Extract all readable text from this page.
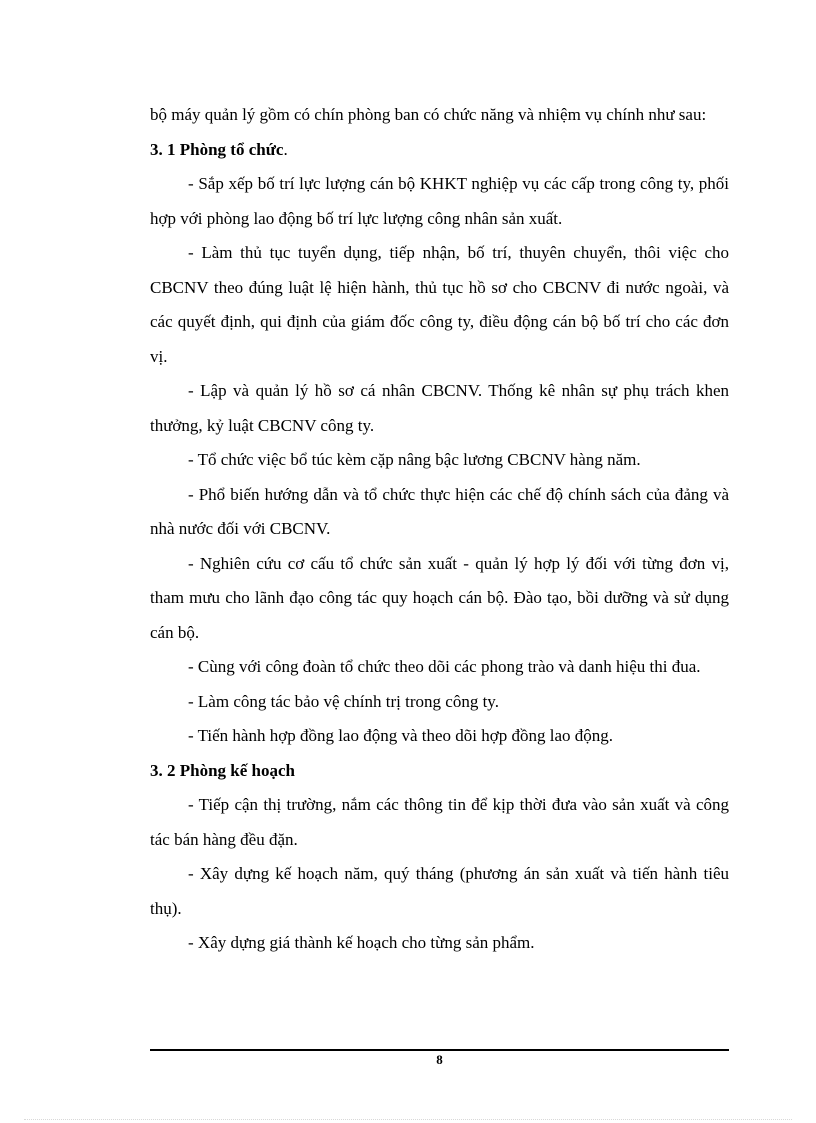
bộ máy quản lý gồm có chín phòng ban có chức năng và nhiệm vụ chính như sau:

3. 1 Phòng tổ chức.

- Sắp xếp bố trí lực lượng cán bộ KHKT nghiệp vụ các cấp trong công ty, phối hợp với phòng lao động bố trí lực lượng công nhân sản xuất.

- Làm thủ tục tuyển dụng, tiếp nhận, bố trí, thuyên chuyển, thôi việc cho CBCNV theo đúng luật lệ hiện hành, thủ tục hồ sơ cho CBCNV đi nước ngoài, và các quyết định, qui định của giám đốc công ty, điều động cán bộ bố trí cho các đơn vị.

- Lập và quản lý hồ sơ cá nhân CBCNV. Thống kê nhân sự phụ trách khen thưởng, kỷ luật CBCNV công ty.

- Tổ chức việc bổ túc kèm cặp nâng bậc lương CBCNV hàng năm.

- Phổ biến hướng dẫn và tổ chức thực hiện các chế độ chính sách của đảng và nhà nước đối với CBCNV.

- Nghiên cứu cơ cấu tổ chức sản xuất - quản lý hợp lý đối với từng đơn vị, tham mưu cho lãnh đạo công tác quy hoạch cán bộ. Đào tạo, bồi dưỡng và sử dụng cán bộ.

- Cùng với công đoàn tổ chức theo dõi các phong trào và danh hiệu thi đua.

- Làm công tác bảo vệ chính trị trong công ty.

- Tiến hành hợp đồng lao động và theo dõi hợp đồng lao động.

3. 2 Phòng kế hoạch

- Tiếp cận thị trường, nắm các thông tin để kịp thời đưa vào sản xuất và công tác bán hàng đều đặn.

- Xây dựng kế hoạch năm, quý tháng (phương án sản xuất và tiến hành tiêu thụ).

- Xây dựng giá thành kế hoạch cho từng sản phẩm.

8
